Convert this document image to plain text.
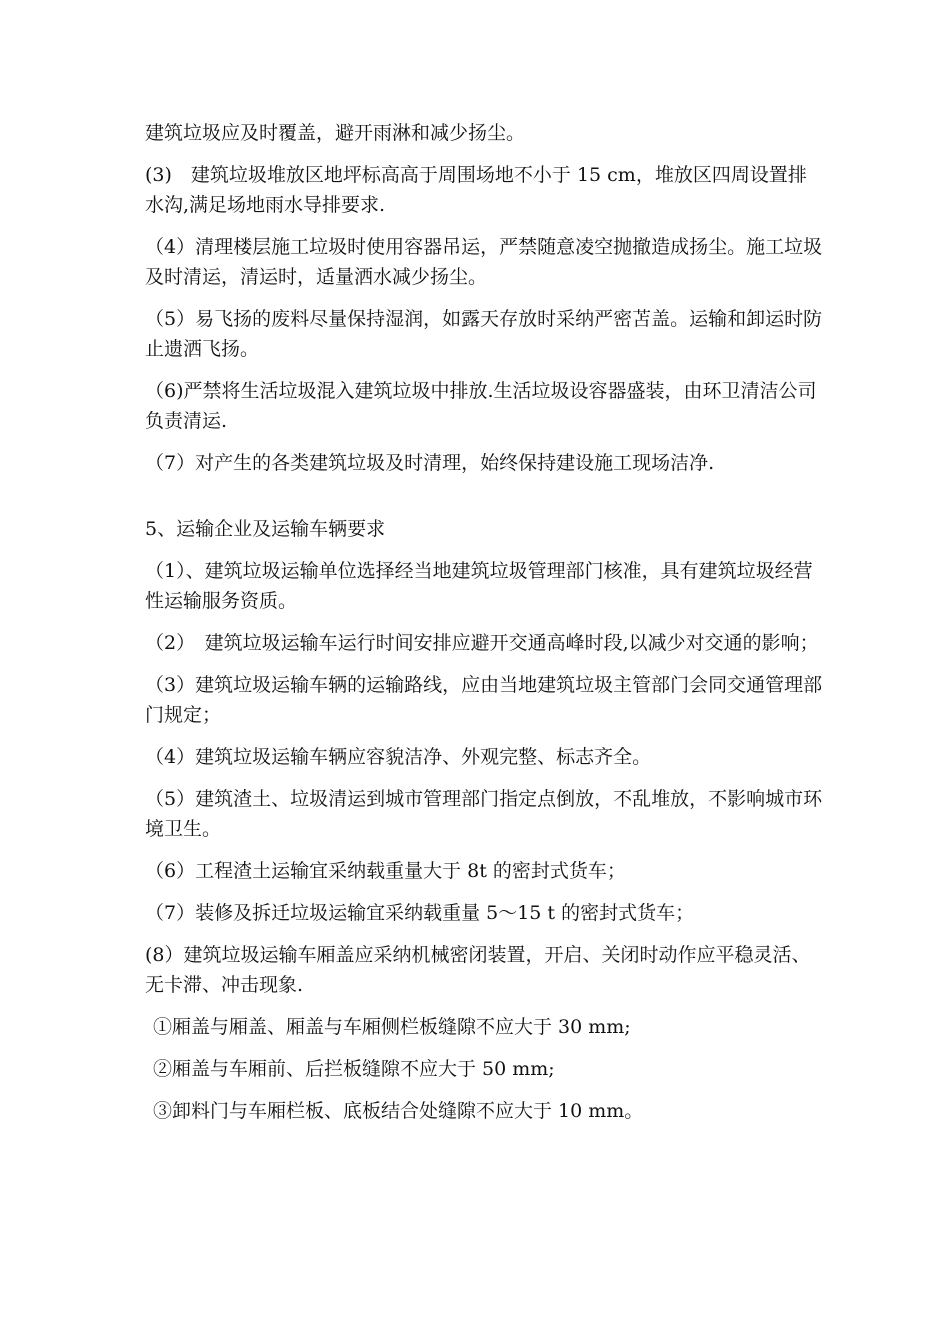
建筑垃圾应及时覆盖，避开雨淋和减少扬尘。

(3)　建筑垃圾堆放区地坪标高高于周围场地不小于 15 cm，堆放区四周设置排水沟,满足场地雨水导排要求.

（4）清理楼层施工垃圾时使用容器吊运，严禁随意凌空抛撤造成扬尘。施工垃圾及时清运，清运时，适量洒水减少扬尘。

（5）易飞扬的废料尽量保持湿润，如露天存放时采纳严密苫盖。运输和卸运时防止遗洒飞扬。

（6)严禁将生活垃圾混入建筑垃圾中排放.生活垃圾设容器盛装，由环卫清洁公司负责清运.

（7）对产生的各类建筑垃圾及时清理，始终保持建设施工现场洁净.

5、运输企业及运输车辆要求

（1）、建筑垃圾运输单位选择经当地建筑垃圾管理部门核准，具有建筑垃圾经营性运输服务资质。

（2）　建筑垃圾运输车运行时间安排应避开交通高峰时段,以减少对交通的影响；

（3）建筑垃圾运输车辆的运输路线，应由当地建筑垃圾主管部门会同交通管理部门规定；

（4）建筑垃圾运输车辆应容貌洁净、外观完整、标志齐全。

（5）建筑渣土、垃圾清运到城市管理部门指定点倒放，不乱堆放，不影响城市环境卫生。

（6）工程渣土运输宜采纳载重量大于 8t 的密封式货车；

（7）装修及拆迁垃圾运输宜采纳载重量 5～15 t 的密封式货车；

(8）建筑垃圾运输车厢盖应采纳机械密闭装置，开启、关闭时动作应平稳灵活、无卡滞、冲击现象.

①厢盖与厢盖、厢盖与车厢侧栏板缝隙不应大于 30 mm;

②厢盖与车厢前、后拦板缝隙不应大于 50 mm;

③卸料门与车厢栏板、底板结合处缝隙不应大于 10 mm。
